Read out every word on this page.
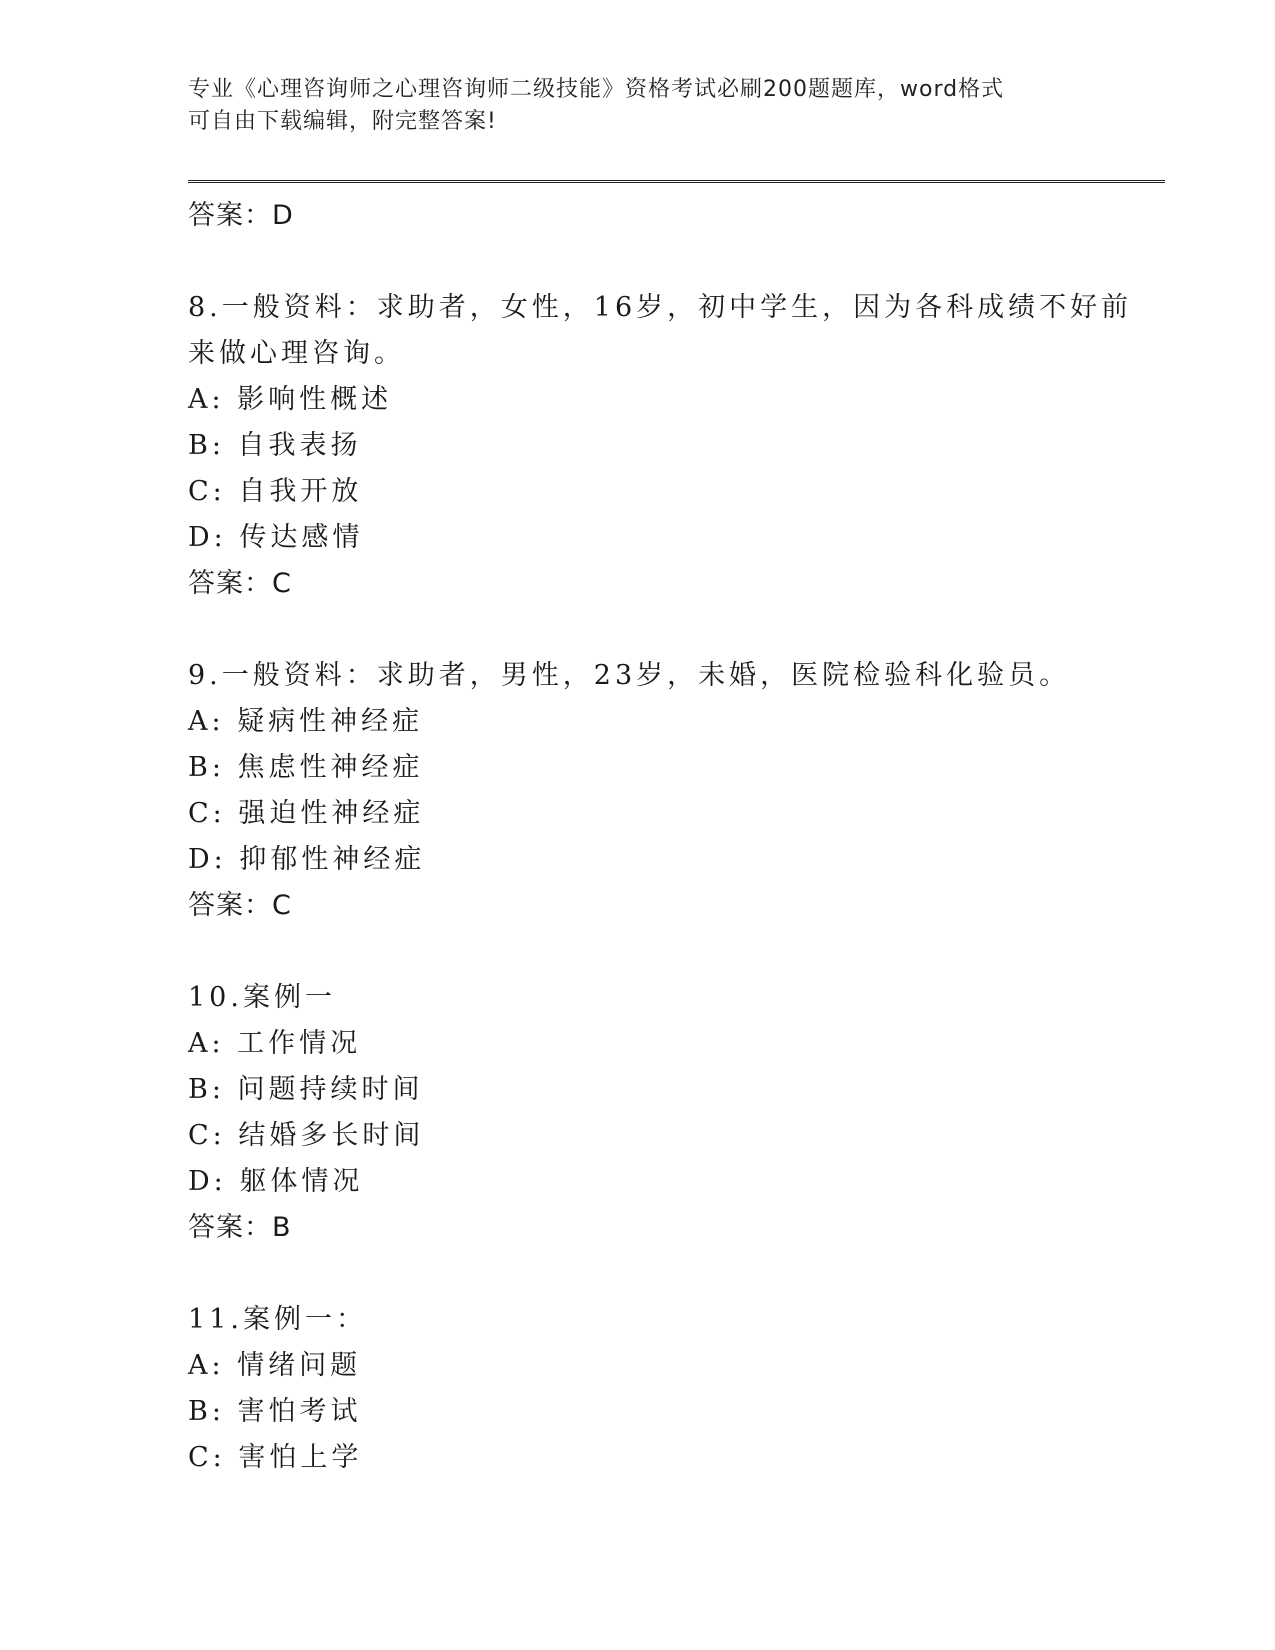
专业《心理咨询师之心理咨询师二级技能》资格考试必刷200题题库，word格式
可自由下载编辑，附完整答案!
答案：D
8.一般资料：求助者，女性，16岁，初中学生，因为各科成绩不好前
来做心理咨询。
A: 影响性概述
B: 自我表扬
C: 自我开放
D: 传达感情
答案：C
9.一般资料：求助者，男性，23岁，未婚，医院检验科化验员。
A: 疑病性神经症
B: 焦虑性神经症
C: 强迫性神经症
D: 抑郁性神经症
答案：C
10.案例一
A: 工作情况
B: 问题持续时间
C: 结婚多长时间
D: 躯体情况
答案：B
11.案例一：
A: 情绪问题
B: 害怕考试
C: 害怕上学
